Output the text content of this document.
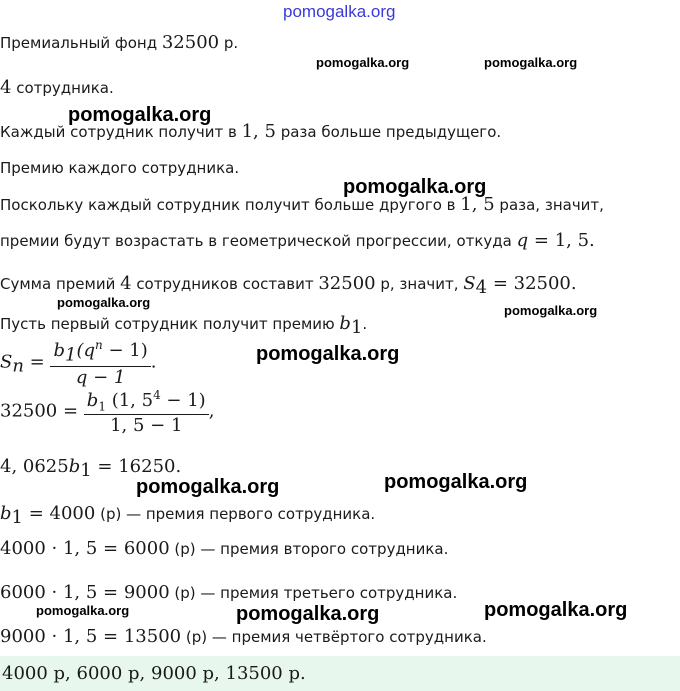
pomogalka.org
pomogalka.org	pomogalka.org
pomogalka.org
pomogalka.org
pomogalka.org
pomogalka.org
pomogalka.org
pomogalka.org	pomogalka.org
pomogalka.org	pomogalka.org	pomogalka.org
Премиальный фонд 32500 р.
4 сотрудника.
Каждый сотрудник получит в 1, 5 раза больше предыдущего.
Премию каждого сотрудника.
Поскольку каждый сотрудник получит больше другого в 1, 5 раза, значит,
премии будут возрастать в геометрической прогрессии, откуда q = 1, 5.
Сумма премий 4 сотрудников составит 32500 р, значит, $S_4 = 32500$.
Пусть первый сотрудник получит премию $b_1$.
$S_n = \frac{b_1(q^n - 1)}{q - 1}$ .
$32500 = \frac{b_1 (1, 5^4 - 1)}{1, 5 - 1}$ ,
4, $0625b_1 = 16250$.
$b_1 = 4000$ (р) — премия первого сотрудника.
4000 · 1, 5 = 6000 (р) — премия второго сотрудника.
6000 · 1, 5 = 9000 (р) — премия третьего сотрудника.
9000 · 1, 5 = 13500 (р) — премия четвёртого сотрудника.
4000 р, 6000 р, 9000 р, 13500 р.
